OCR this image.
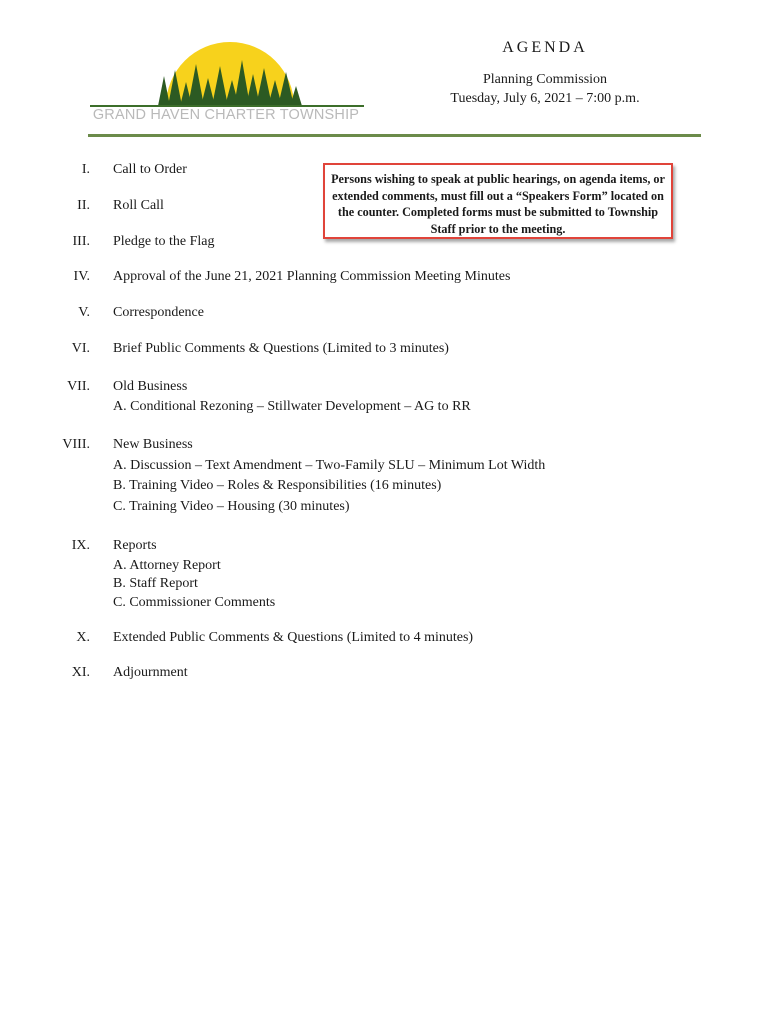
GRAND HAVEN CHARTER TOWNSHIP
AGENDA
Planning Commission
Tuesday, July 6, 2021 – 7:00 p.m.
Persons wishing to speak at public hearings, on agenda items, or extended comments, must fill out a “Speakers Form” located on the counter. Completed forms must be submitted to Township Staff prior to the meeting.
I. Call to Order
II. Roll Call
III. Pledge to the Flag
IV. Approval of the June 21, 2021 Planning Commission Meeting Minutes
V. Correspondence
VI. Brief Public Comments & Questions (Limited to 3 minutes)
VII. Old Business
A. Conditional Rezoning – Stillwater Development – AG to RR
VIII. New Business
A. Discussion – Text Amendment – Two-Family SLU – Minimum Lot Width
B. Training Video – Roles & Responsibilities (16 minutes)
C. Training Video – Housing (30 minutes)
IX. Reports
A. Attorney Report
B. Staff Report
C. Commissioner Comments
X. Extended Public Comments & Questions (Limited to 4 minutes)
XI. Adjournment
